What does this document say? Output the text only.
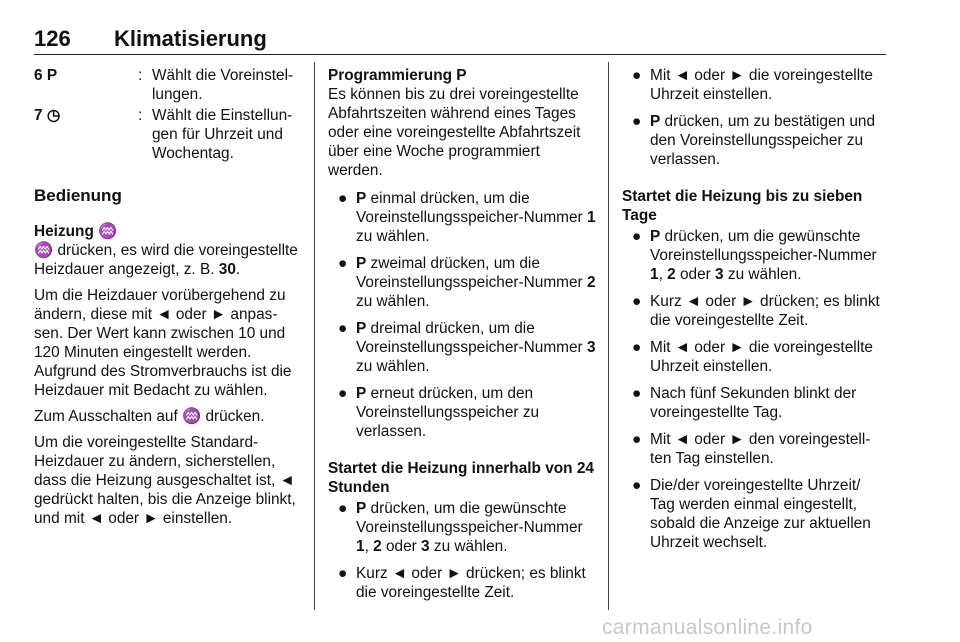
126 Klimatisierung
6 P	: Wählt die Voreinstel-lungen.
7 ◷	: Wählt die Einstellun-gen für Uhrzeit und Wochentag.
Bedienung
Heizung ♒

♒ drücken, es wird die voreingestellte Heizdauer angezeigt, z. B. 30.

Um die Heizdauer vorübergehend zu ändern, diese mit ◄ oder ► anpas-sen. Der Wert kann zwischen 10 und 120 Minuten eingestellt werden. Aufgrund des Stromverbrauchs ist die Heizdauer mit Bedacht zu wählen.

Zum Ausschalten auf ♒ drücken.

Um die voreingestellte Standard-Heizdauer zu ändern, sicherstellen, dass die Heizung ausgeschaltet ist, ◄ gedrückt halten, bis die Anzeige blinkt, und mit ◄ oder ► einstellen.

Programmierung P

Es können bis zu drei voreingestellte Abfahrtszeiten während eines Tages oder eine voreingestellte Abfahrtszeit über eine Woche programmiert werden.

● P einmal drücken, um die Voreinstellungsspeicher-Nummer 1 zu wählen.
● P zweimal drücken, um die Voreinstellungsspeicher-Nummer 2 zu wählen.
● P dreimal drücken, um die Voreinstellungsspeicher-Nummer 3 zu wählen.
● P erneut drücken, um den Voreinstellungsspeicher zu verlassen.
Startet die Heizung innerhalb von 24 Stunden
● P drücken, um die gewünschte Voreinstellungsspeicher-Nummer 1, 2 oder 3 zu wählen.
● Kurz ◄ oder ► drücken; es blinkt die voreingestellte Zeit.
● Mit ◄ oder ► die voreingestellte Uhrzeit einstellen.
● P drücken, um zu bestätigen und den Voreinstellungsspeicher zu verlassen.
Startet die Heizung bis zu sieben Tage
● P drücken, um die gewünschte Voreinstellungsspeicher-Nummer 1, 2 oder 3 zu wählen.
● Kurz ◄ oder ► drücken; es blinkt die voreingestellte Zeit.
● Mit ◄ oder ► die voreingestellte Uhrzeit einstellen.
● Nach fünf Sekunden blinkt der voreingestellte Tag.
● Mit ◄ oder ► den voreingestell-ten Tag einstellen.
● Die/der voreingestellte Uhrzeit/ Tag werden einmal eingestellt, sobald die Anzeige zur aktuellen Uhrzeit wechselt.
carmanualsonline.info
